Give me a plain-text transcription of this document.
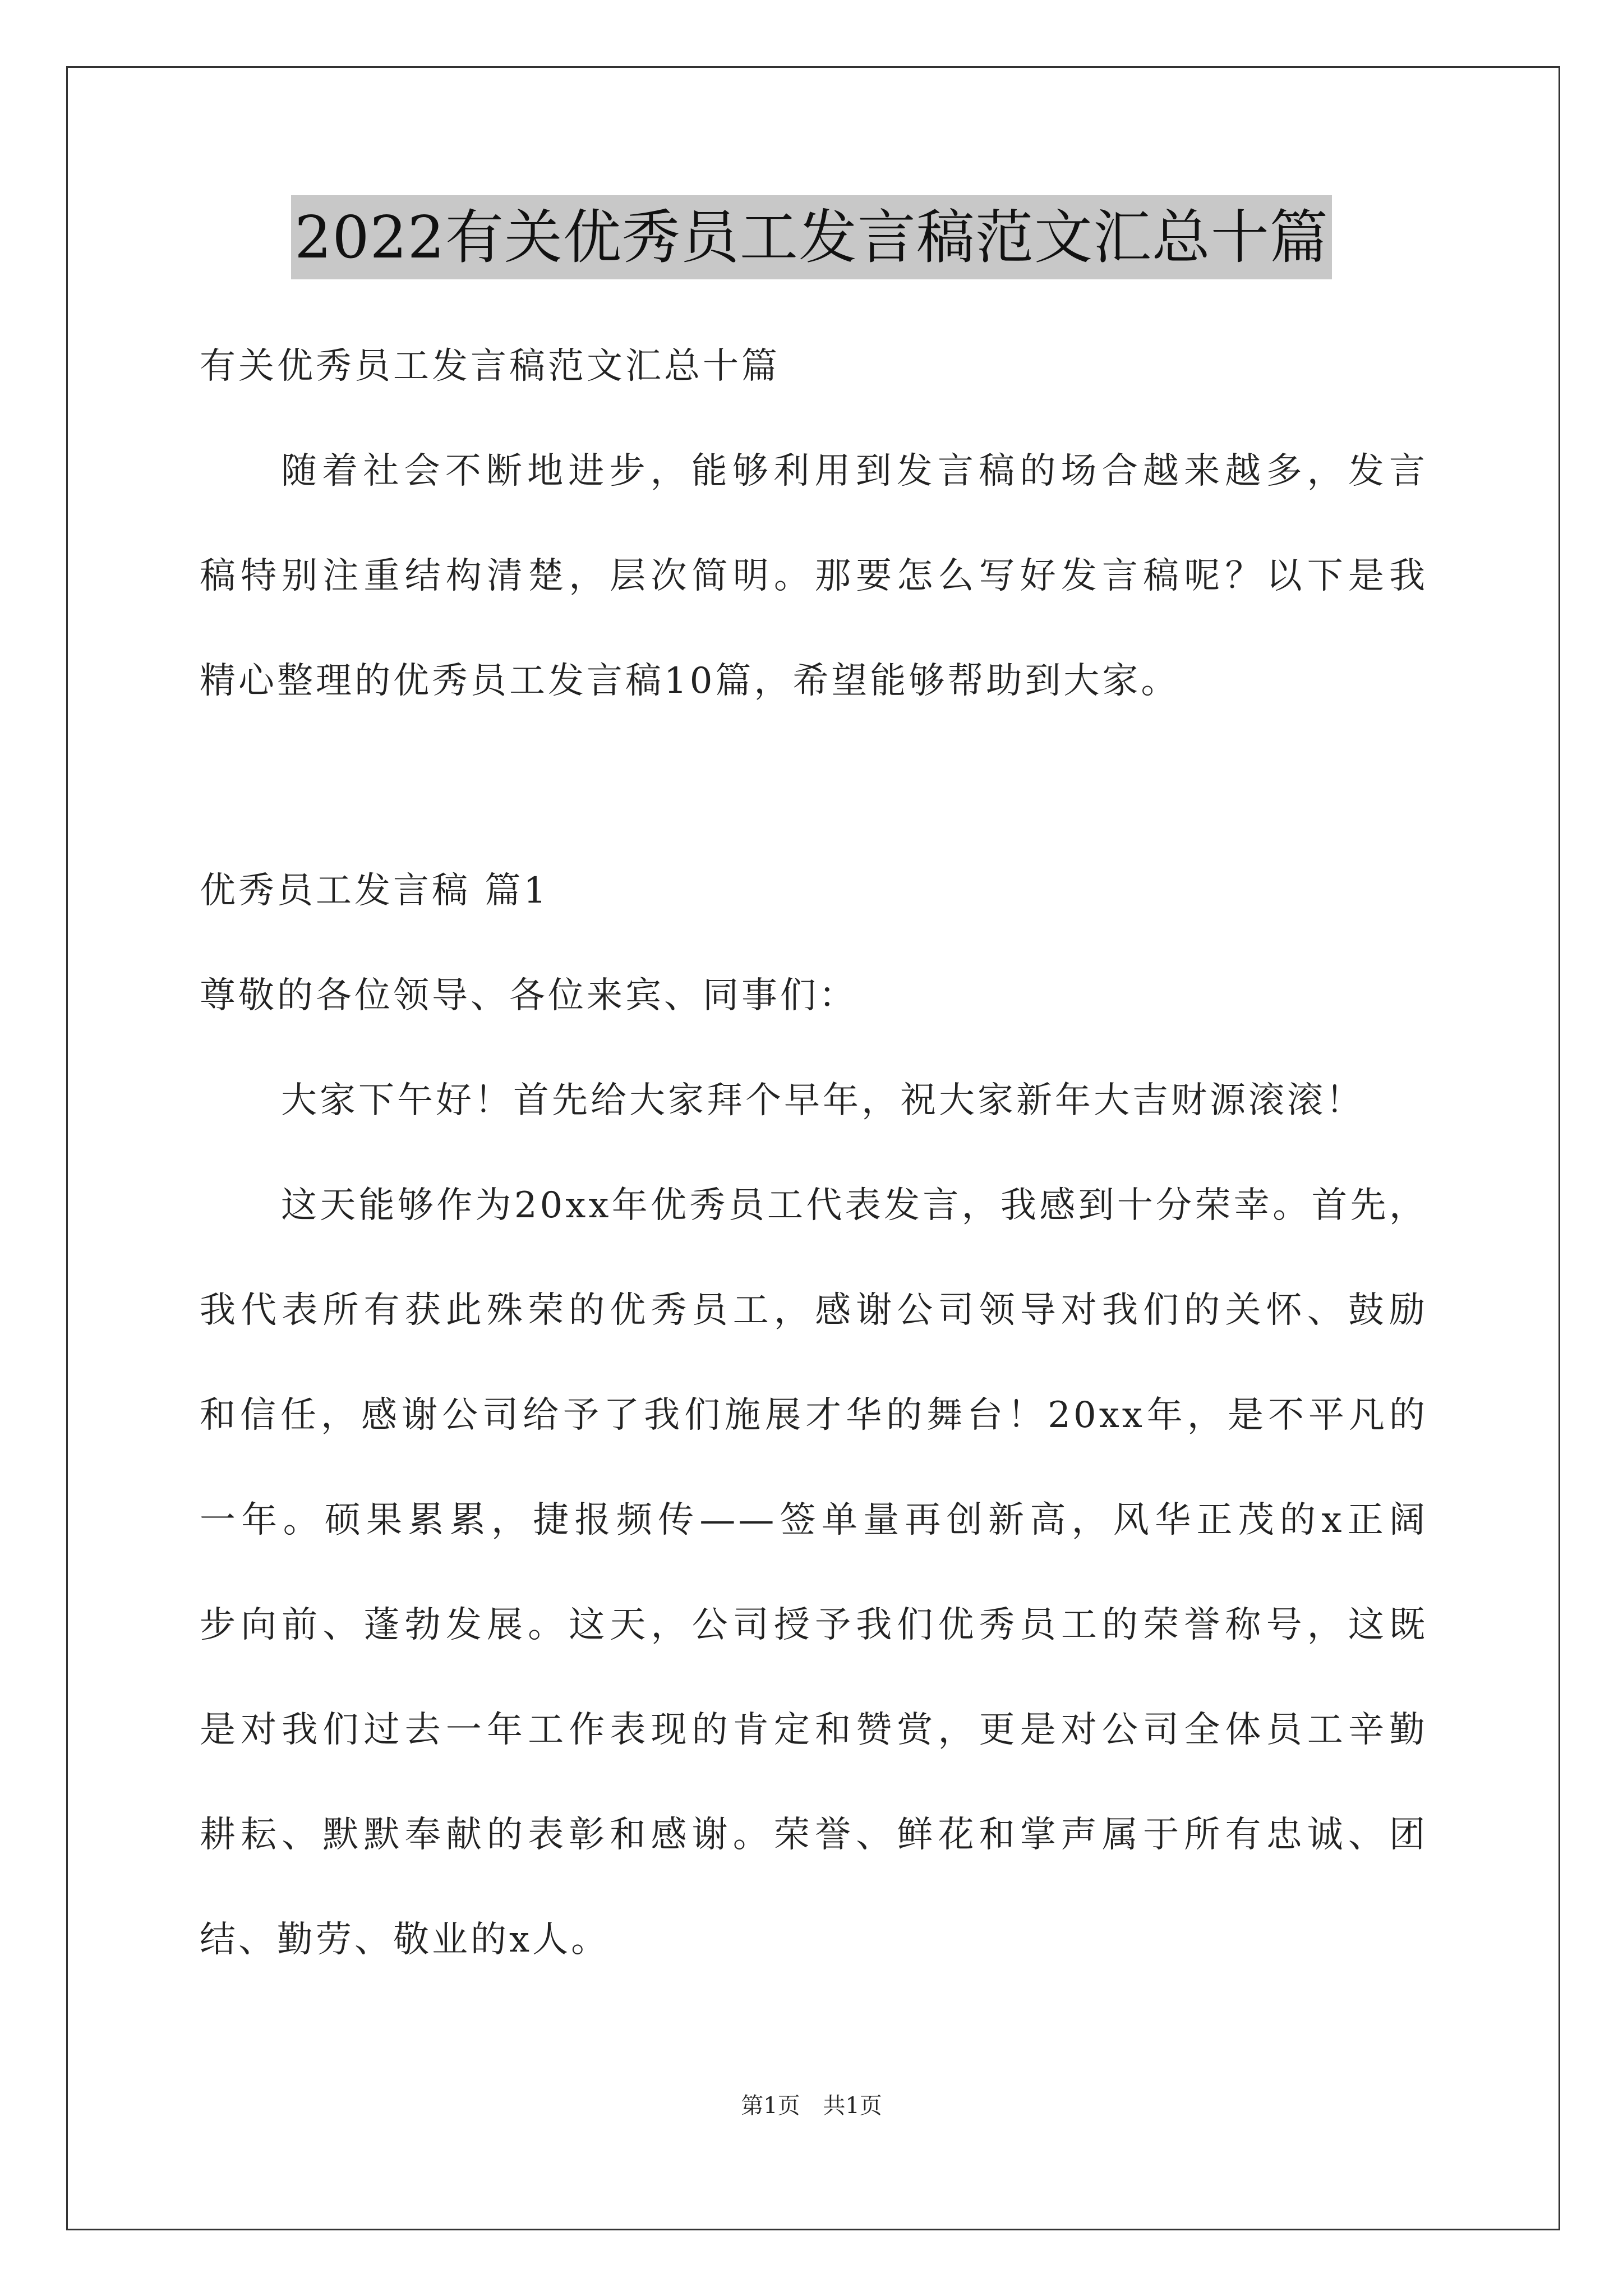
2022有关优秀员工发言稿范文汇总十篇
有关优秀员工发言稿范文汇总十篇
随着社会不断地进步，能够利用到发言稿的场合越来越多，发言
稿特别注重结构清楚，层次简明。那要怎么写好发言稿呢？以下是我
精心整理的优秀员工发言稿10篇，希望能够帮助到大家。
优秀员工发言稿 篇1
尊敬的各位领导、各位来宾、同事们：
大家下午好！首先给大家拜个早年，祝大家新年大吉财源滚滚！
这天能够作为20xx年优秀员工代表发言，我感到十分荣幸。首先，
我代表所有获此殊荣的优秀员工，感谢公司领导对我们的关怀、鼓励
和信任，感谢公司给予了我们施展才华的舞台！20xx年，是不平凡的
一年。硕果累累，捷报频传——签单量再创新高，风华正茂的x正阔
步向前、蓬勃发展。这天，公司授予我们优秀员工的荣誉称号，这既
是对我们过去一年工作表现的肯定和赞赏，更是对公司全体员工辛勤
耕耘、默默奉献的表彰和感谢。荣誉、鲜花和掌声属于所有忠诚、团
结、勤劳、敬业的x人。
第1页 共1页
